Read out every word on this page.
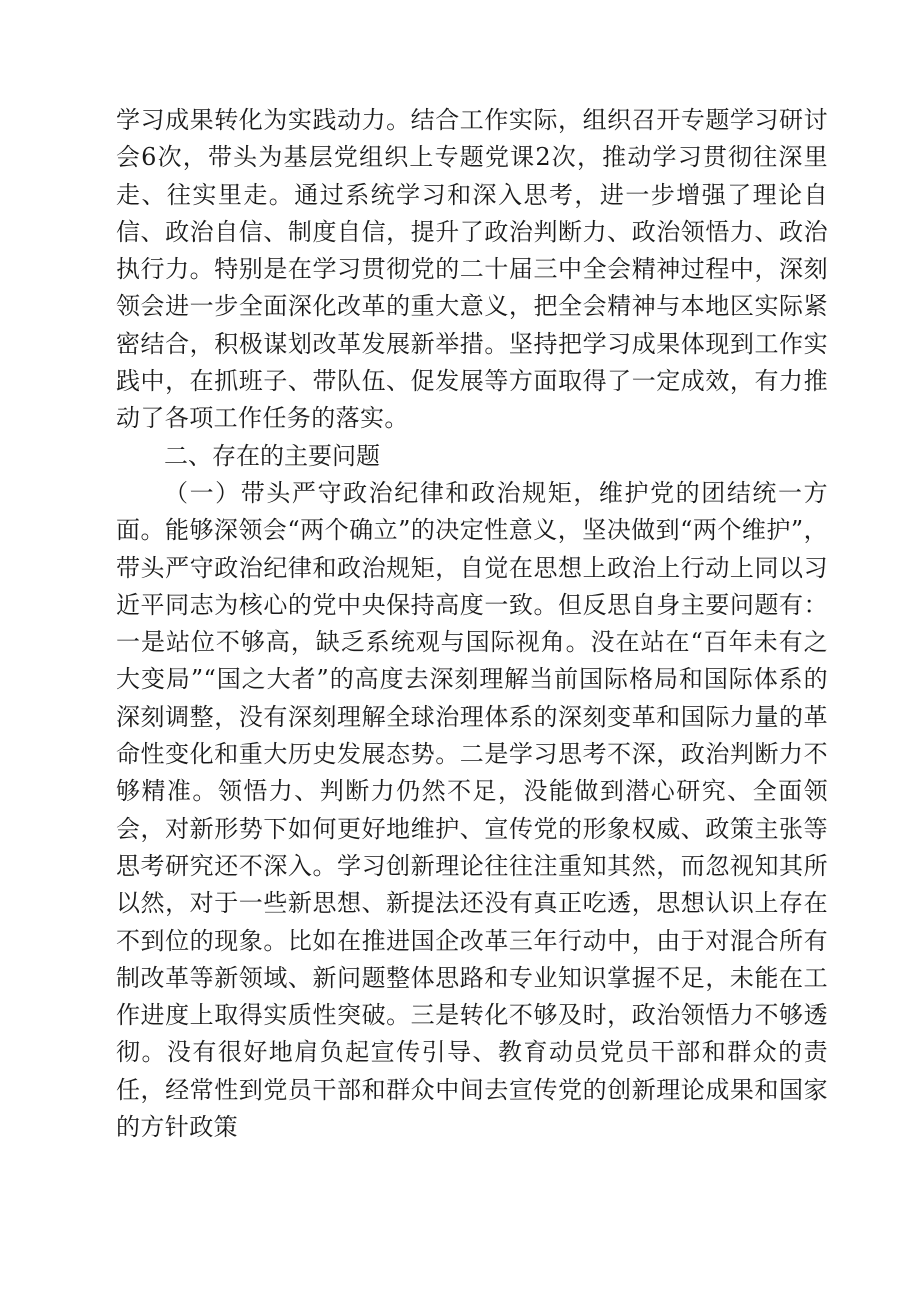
学习成果转化为实践动力。结合工作实际，组织召开专题学习研讨会6次，带头为基层党组织上专题党课2次，推动学习贯彻往深里走、往实里走。通过系统学习和深入思考，进一步增强了理论自信、政治自信、制度自信，提升了政治判断力、政治领悟力、政治执行力。特别是在学习贯彻党的二十届三中全会精神过程中，深刻领会进一步全面深化改革的重大意义，把全会精神与本地区实际紧密结合，积极谋划改革发展新举措。坚持把学习成果体现到工作实践中，在抓班子、带队伍、促发展等方面取得了一定成效，有力推动了各项工作任务的落实。

二、存在的主要问题

（一）带头严守政治纪律和政治规矩，维护党的团结统一方面。能够深领会“两个确立”的决定性意义，坚决做到“两个维护”，带头严守政治纪律和政治规矩，自觉在思想上政治上行动上同以习近平同志为核心的党中央保持高度一致。但反思自身主要问题有：一是站位不够高，缺乏系统观与国际视角。没在站在“百年未有之大变局”“国之大者”的高度去深刻理解当前国际格局和国际体系的深刻调整，没有深刻理解全球治理体系的深刻变革和国际力量的革命性变化和重大历史发展态势。二是学习思考不深，政治判断力不够精准。领悟力、判断力仍然不足，没能做到潜心研究、全面领会，对新形势下如何更好地维护、宣传党的形象权威、政策主张等思考研究还不深入。学习创新理论往往注重知其然，而忽视知其所以然，对于一些新思想、新提法还没有真正吃透，思想认识上存在不到位的现象。比如在推进国企改革三年行动中，由于对混合所有制改革等新领域、新问题整体思路和专业知识掌握不足，未能在工作进度上取得实质性突破。三是转化不够及时，政治领悟力不够透彻。没有很好地肩负起宣传引导、教育动员党员干部和群众的责任，经常性到党员干部和群众中间去宣传党的创新理论成果和国家的方针政策
